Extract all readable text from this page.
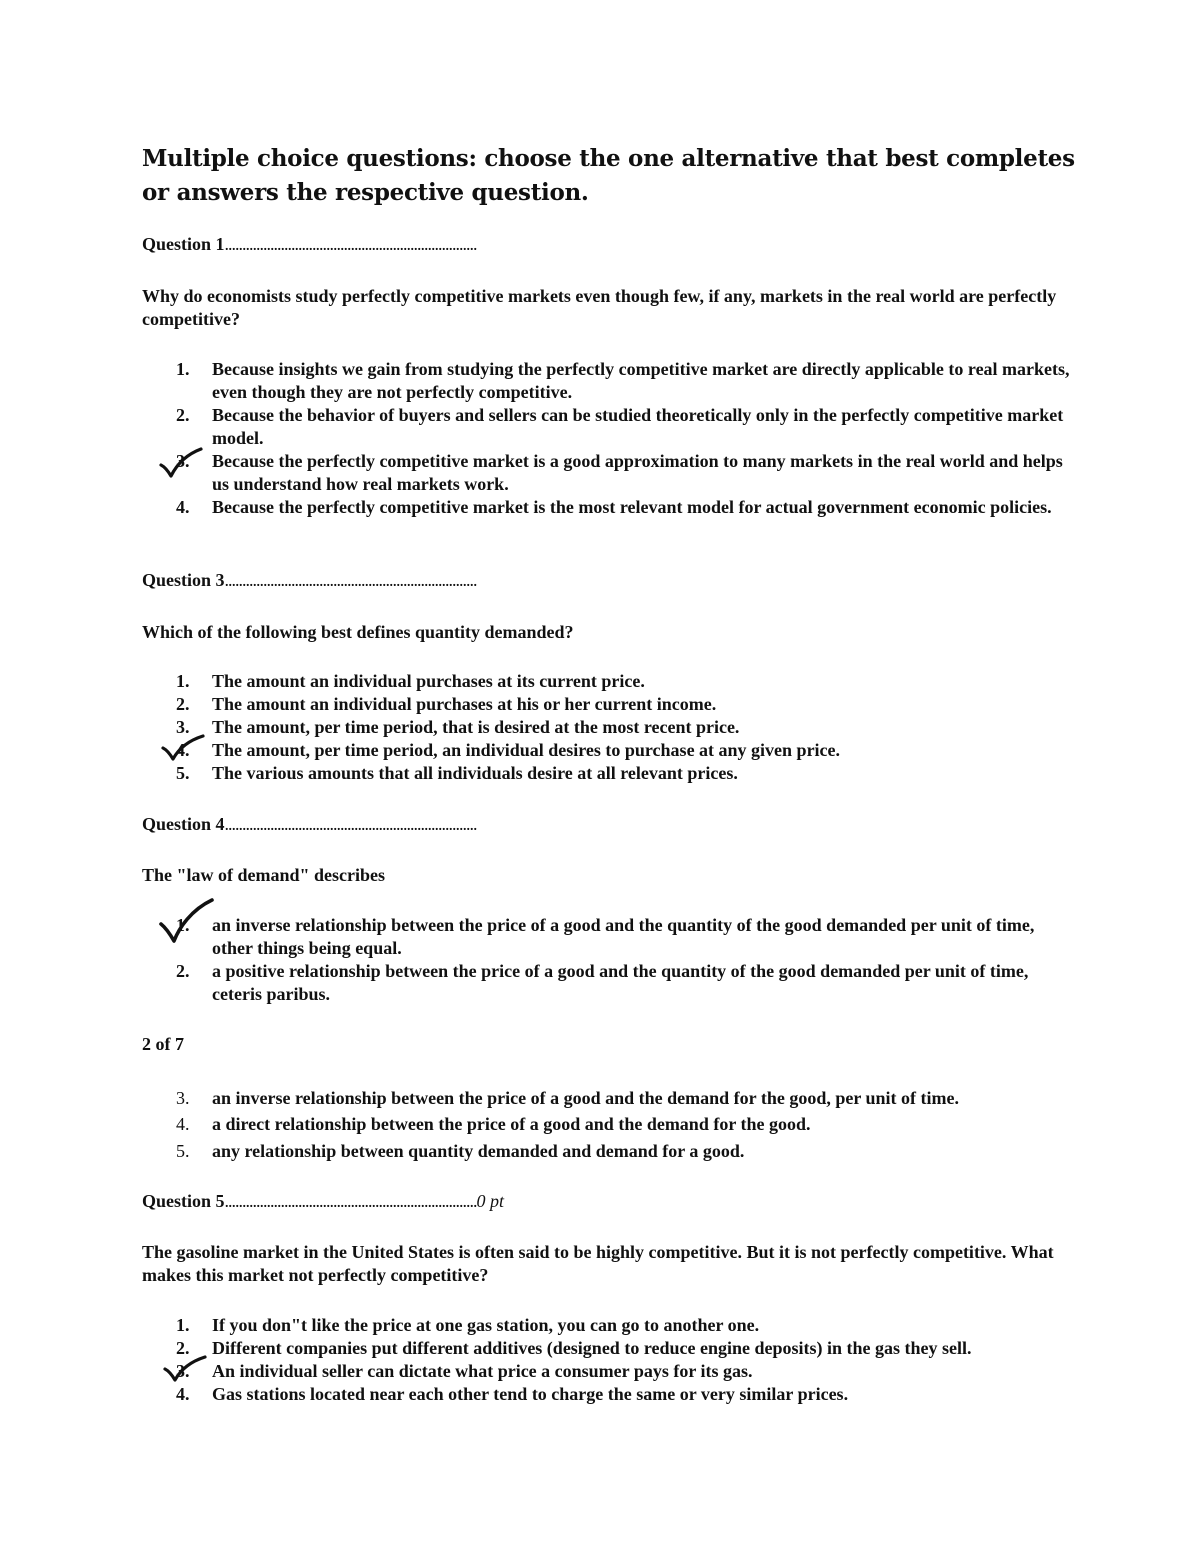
Multiple choice questions: choose the one alternative that best completes or answers the respective question.
Question 1........................................................................
Why do economists study perfectly competitive markets even though few, if any, markets in the real world are perfectly competitive?
1.	Because insights we gain from studying the perfectly competitive market are directly applicable to real markets, even though they are not perfectly competitive.
2.	Because the behavior of buyers and sellers can be studied theoretically only in the perfectly competitive market model.
3.	Because the perfectly competitive market is a good approximation to many markets in the real world and helps us understand how real markets work.
4.	Because the perfectly competitive market is the most relevant model for actual government economic policies.
Question 3........................................................................
Which of the following best defines quantity demanded?
1.	The amount an individual purchases at its current price.
2.	The amount an individual purchases at his or her current income.
3.	The amount, per time period, that is desired at the most recent price.
4.	The amount, per time period, an individual desires to purchase at any given price.
5.	The various amounts that all individuals desire at all relevant prices.
Question 4........................................................................
The "law of demand" describes
1.	an inverse relationship between the price of a good and the quantity of the good demanded per unit of time, other things being equal.
2.	a positive relationship between the price of a good and the quantity of the good demanded per unit of time, ceteris paribus.
2 of 7
3.	an inverse relationship between the price of a good and the demand for the good, per unit of time.
4.	a direct relationship between the price of a good and the demand for the good.
5.	any relationship between quantity demanded and demand for a good.
Question 5........................................................................0 pt
The gasoline market in the United States is often said to be highly competitive. But it is not perfectly competitive. What makes this market not perfectly competitive?
1.	If you don"t like the price at one gas station, you can go to another one.
2.	Different companies put different additives (designed to reduce engine deposits) in the gas they sell.
3.	An individual seller can dictate what price a consumer pays for its gas.
4.	Gas stations located near each other tend to charge the same or very similar prices.
